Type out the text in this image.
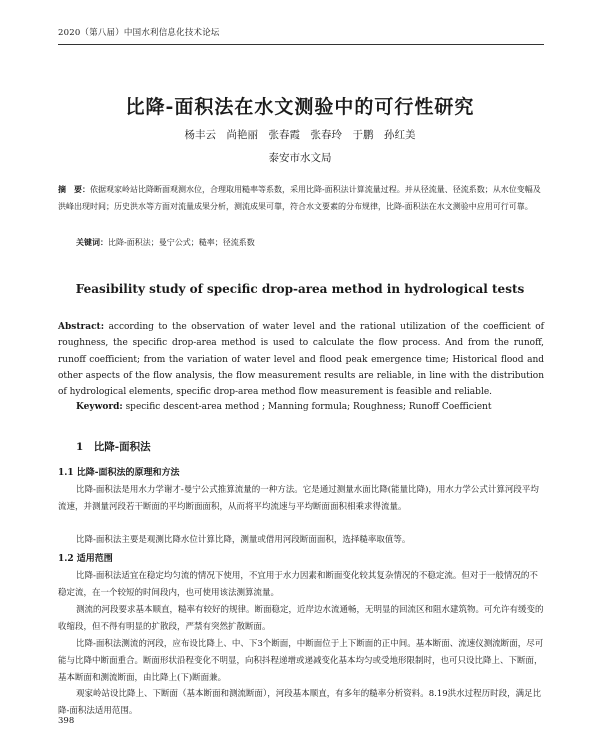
2020（第八届）中国水利信息化技术论坛
比降-面积法在水文测验中的可行性研究
杨丰云　尚艳丽　张春霞　张春玲　于鹏　孙红美
泰安市水文局
摘　要：依据观家岭站比降断面观测水位，合理取用糙率等系数，采用比降-面积法计算流量过程。并从径流量、径流系数；从水位变幅及洪峰出现时间；历史洪水等方面对流量成果分析，测流成果可靠，符合水文要素的分布规律，比降-面积法在水文测验中应用可行可靠。
关键词：比降-面积法；曼宁公式；糙率；径流系数
Feasibility study of specific drop-area method in hydrological tests
Abstract: according to the observation of water level and the rational utilization of the coefficient of roughness, the specific drop-area method is used to calculate the flow process. And from the runoff, runoff coefficient; from the variation of water level and flood peak emergence time; Historical flood and other aspects of the flow analysis, the flow measurement results are reliable, in line with the distribution of hydrological elements, specific drop-area method flow measurement is feasible and reliable.
Keyword: specific descent-area method ; Manning formula; Roughness; Runoff Coefficient
1　比降-面积法
1.1 比降-面积法的原理和方法
比降-面积法是用水力学谢才-曼宁公式推算流量的一种方法。它是通过测量水面比降(能量比降)，用水力学公式计算河段平均流速，并测量河段若干断面的平均断面面积，从而将平均流速与平均断面面积相乘求得流量。
比降-面积法主要是观测比降水位计算比降，测量或借用河段断面面积，选择糙率取值等。
1.2 适用范围
比降-面积法适宜在稳定均匀流的情况下使用，不宜用于水力因素和断面变化较其复杂情况的不稳定流。但对于一般情况的不稳定流，在一个较短的时间段内，也可使用该法测算流量。
测流的河段要求基本顺直，糙率有较好的规律。断面稳定，近岸边水流通畅，无明显的回流区和阻水建筑物。可允许有缓变的收缩段，但不得有明显的扩散段，严禁有突然扩散断面。
比降-面积法测流的河段，应布设比降上、中、下3个断面，中断面位于上下断面的正中间。基本断面、流速仪测流断面，尽可能与比降中断面重合。断面形状沿程变化不明显，向积抖程递增或递减变化基本均匀或受地形限制时，也可只设比降上、下断面，基本断面和测流断面，由比降上(下)断面兼。
观家岭站设比降上、下断面（基本断面和测流断面），河段基本顺直，有多年的糙率分析资料。8.19洪水过程历时段，满足比降-面积法适用范围。
398
